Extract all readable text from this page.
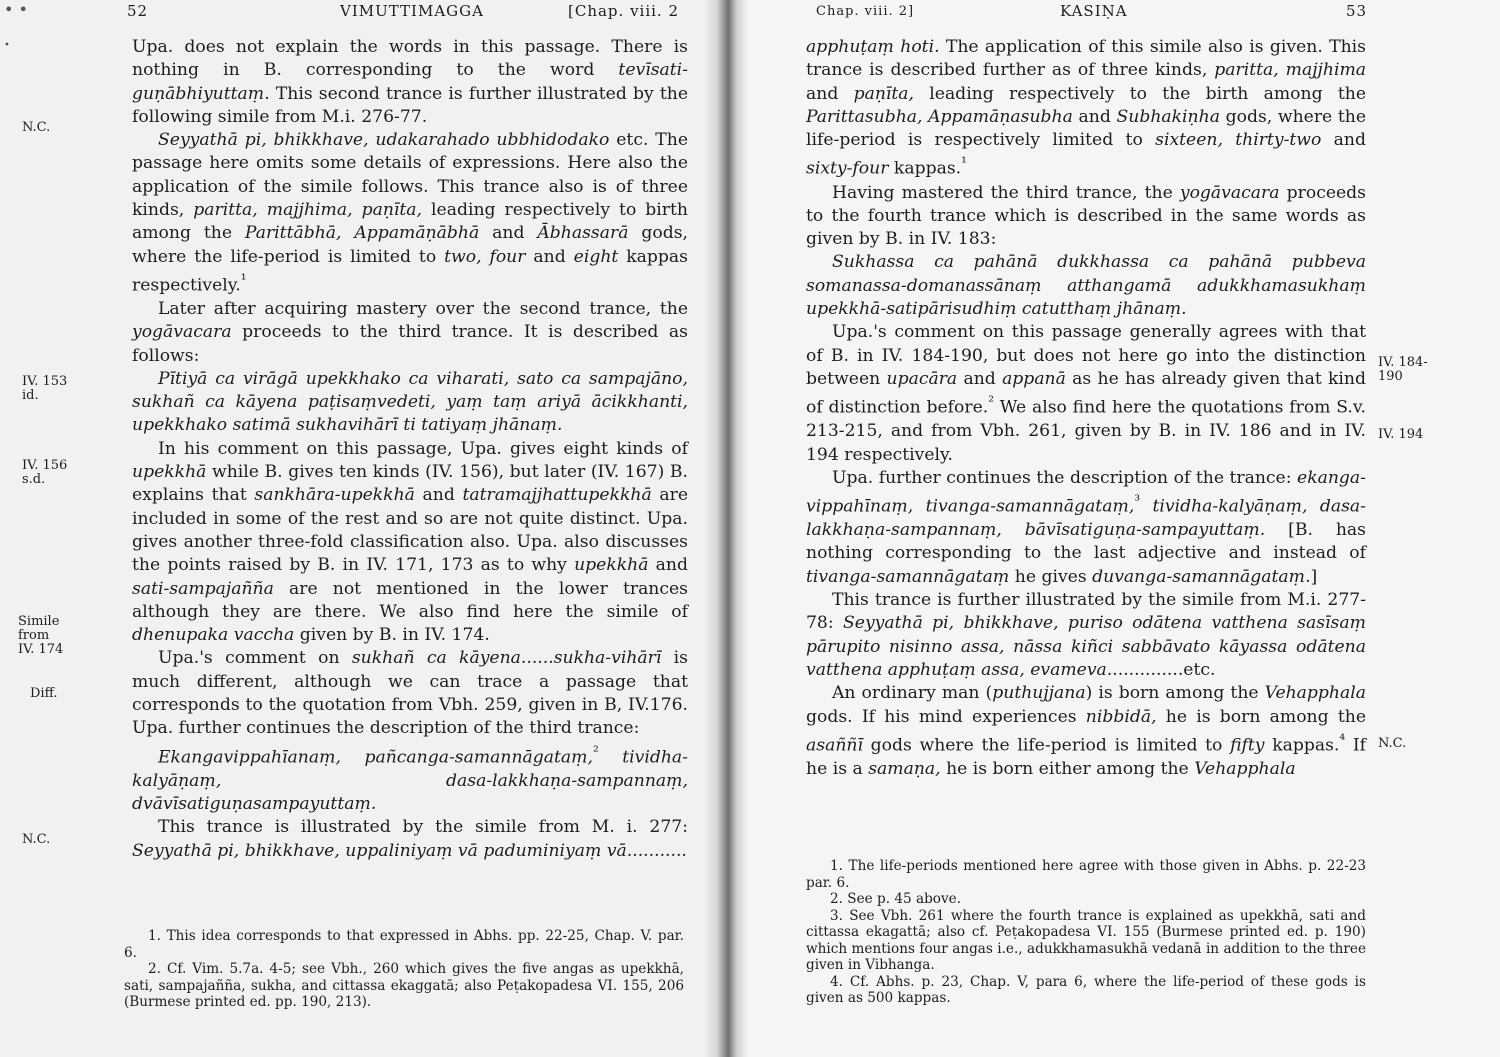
• •
•
52	VIMUTTIMAGGA	[Chap. viii. 2
N.C.
IV. 153
id.
IV. 156
s.d.
Simile
from
IV. 174
Diff.
N.C.

Upa. does not explain the words in this passage. There is nothing in B. corresponding to the word tevīsati-guṇābhiyuttaṃ. This second trance is further illustrated by the following simile from M.i. 276-77.

Seyyathā pi, bhikkhave, udakarahado ubbhidodako etc. The passage here omits some details of expressions. Here also the application of the simile follows. This trance also is of three kinds, paritta, majjhima, paṇīta, leading respectively to birth among the Parittābhā, Appamāṇābhā and Ābhassarā gods, where the life-period is limited to two, four and eight kappas respectively.$^{^1}$

Later after acquiring mastery over the second trance, the yogāvacara proceeds to the third trance. It is described as follows:

Pītiyā ca virāgā upekkhako ca viharati, sato ca sampajāno, sukhañ ca kāyena paṭisaṃvedeti, yaṃ taṃ ariyā ācikkhanti, upekkhako satimā sukhavihārī ti tatiyaṃ jhānaṃ.

In his comment on this passage, Upa. gives eight kinds of upekkhā while B. gives ten kinds (IV. 156), but later (IV. 167) B. explains that sankhāra-upekkhā and tatramajjhattupekkhā are included in some of the rest and so are not quite distinct. Upa. gives another three-fold classification also. Upa. also discusses the points raised by B. in IV. 171, 173 as to why upekkhā and sati-sampajañña are not mentioned in the lower trances although they are there. We also find here the simile of dhenupaka vaccha given by B. in IV. 174.

Upa.'s comment on sukhañ ca kāyena......sukha-vihārī is much different, although we can trace a passage that corresponds to the quotation from Vbh. 259, given in B, IV.176. Upa. further continues the description of the third trance:

Ekangavippahīanaṃ, pañcanga-samannāgataṃ,$^{^2}$ tividha-kalyāṇaṃ, dasa-lakkhaṇa-sampannaṃ, dvāvīsatiguṇasampayuttaṃ.

This trance is illustrated by the simile from M. i. 277: Seyyathā pi, bhikkhave, uppaliniyaṃ vā paduminiyaṃ vā...........

1. This idea corresponds to that expressed in Abhs. pp. 22-25, Chap. V. par. 6.

2. Cf. Vim. 5.7a. 4-5; see Vbh., 260 which gives the five angas as upekkhā, sati, sampajañña, sukha, and cittassa ekaggatā; also Peṭakopadesa VI. 155, 206 (Burmese printed ed. pp. 190, 213).

Chap. viii. 2]	KASIṆA	53
IV. 184-
190
IV. 194
N.C.

apphuṭaṃ hoti. The application of this simile also is given. This trance is described further as of three kinds, paritta, majjhima and paṇīta, leading respectively to the birth among the Parittasubha, Appamāṇasubha and Subhakiṇha gods, where the life-period is respectively limited to sixteen, thirty-two and sixty-four kappas.$^{^1}$

Having mastered the third trance, the yogāvacara proceeds to the fourth trance which is described in the same words as given by B. in IV. 183:

Sukhassa ca pahānā dukkhassa ca pahānā pubbeva somanassa-domanassānaṃ atthangamā adukkhamasukhaṃ upekkhā-satipārisudhiṃ catutthaṃ jhānaṃ.

Upa.'s comment on this passage generally agrees with that of B. in IV. 184-190, but does not here go into the distinction between upacāra and appanā as he has already given that kind of distinction before.$^{^2}$ We also find here the quotations from S.v. 213-215, and from Vbh. 261, given by B. in IV. 186 and in IV. 194 respectively.

Upa. further continues the description of the trance: ekanga-vippahīnaṃ, tivanga-samannāgataṃ,$^{^3}$ tividha-kalyāṇaṃ, dasa-lakkhaṇa-sampannaṃ, bāvīsatiguṇa-sampayuttaṃ. [B. has nothing corresponding to the last adjective and instead of tivanga-samannāgataṃ he gives duvanga-samannāgataṃ.]

This trance is further illustrated by the simile from M.i. 277-78: Seyyathā pi, bhikkhave, puriso odātena vatthena sasīsaṃ pārupito nisinno assa, nāssa kiñci sabbāvato kāyassa odātena vatthena apphuṭaṃ assa, evameva..............etc.

An ordinary man (puthujjana) is born among the Vehapphala gods. If his mind experiences nibbidā, he is born among the asaññī gods where the life-period is limited to fifty kappas.$^{^4}$ If he is a samaṇa, he is born either among the Vehapphala

1. The life-periods mentioned here agree with those given in Abhs. p. 22-23 par. 6.

2. See p. 45 above.

3. See Vbh. 261 where the fourth trance is explained as upekkhā, sati and cittassa ekagattā; also cf. Peṭakopadesa VI. 155 (Burmese printed ed. p. 190) which mentions four angas i.e., adukkhamasukhā vedanā in addition to the three given in Vibhanga.

4. Cf. Abhs. p. 23, Chap. V, para 6, where the life-period of these gods is given as 500 kappas.
